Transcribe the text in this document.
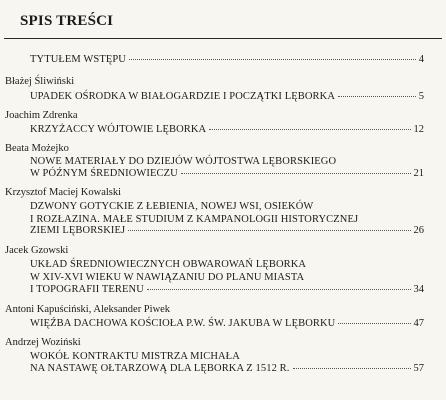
SPIS TREŚCI
TYTUŁEM WSTĘPU	4
Błażej Śliwiński
UPADEK OŚRODKA W BIAŁOGARDZIE I POCZĄTKI LĘBORKA	5
Joachim Zdrenka
KRZYŻACCY WÓJTOWIE LĘBORKA	12
Beata Możejko
NOWE MATERIAŁY DO DZIEJÓW WÓJTOSTWA LĘBORSKIEGO
W PÓŹNYM ŚREDNIOWIECZU	21
Krzysztof Maciej Kowalski
DZWONY GOTYCKIE Z ŁEBIENIA, NOWEJ WSI, OSIEKÓW
I ROZŁAZINA. MAŁE STUDIUM Z KAMPANOLOGII HISTORYCZNEJ
ZIEMI LĘBORSKIEJ	26
Jacek Gzowski
UKŁAD ŚREDNIOWIECZNYCH OBWAROWAŃ LĘBORKA
W XIV-XVI WIEKU W NAWIĄZANIU DO PLANU MIASTA
I TOPOGRAFII TERENU	34
Antoni Kapuściński, Aleksander Piwek
WIĘŹBA DACHOWA KOŚCIOŁA P.W. ŚW. JAKUBA W LĘBORKU	47
Andrzej Woziński
WOKÓŁ KONTRAKTU MISTRZA MICHAŁA
NA NASTAWĘ OŁTARZOWĄ DLA LĘBORKA Z 1512 R.	57
